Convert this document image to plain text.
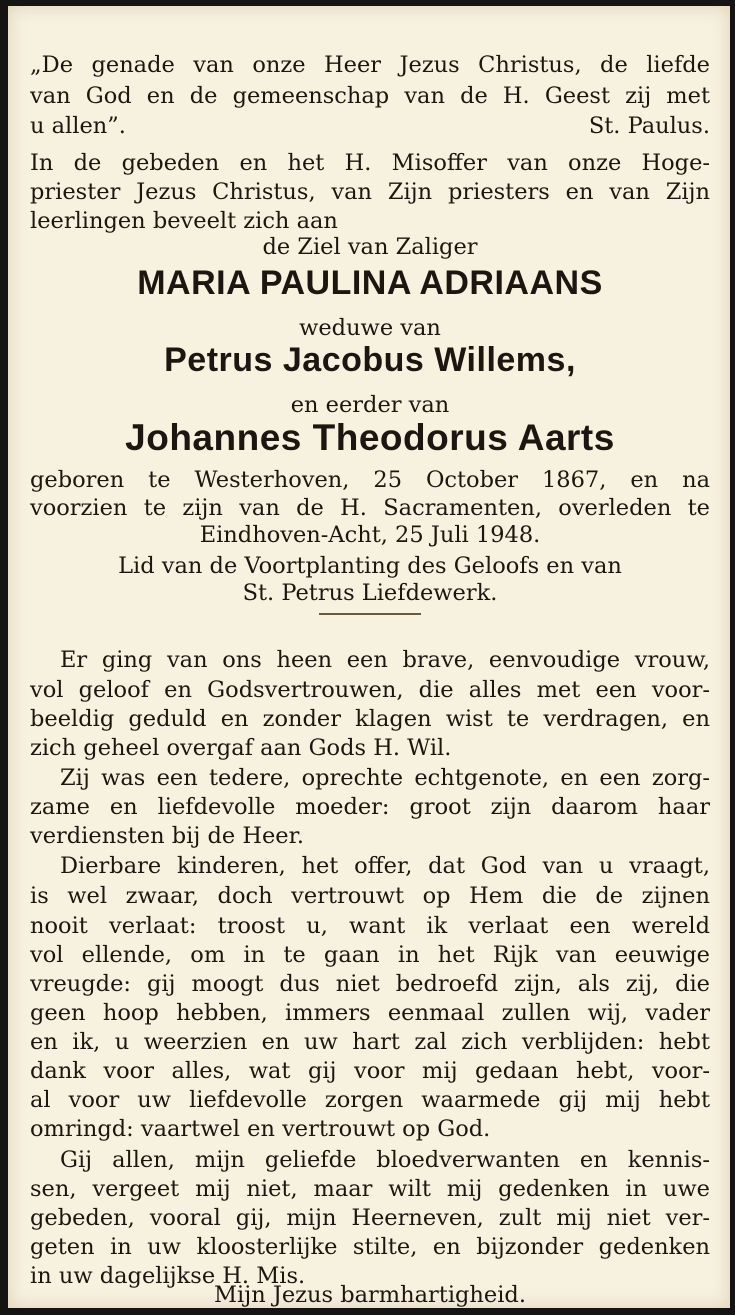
„De genade van onze Heer Jezus Christus, de liefde

van God en de gemeenschap van de H. Geest zij met

u allen”.	St. Paulus.

In de gebeden en het H. Misoffer van onze Hoge-

priester Jezus Christus, van Zijn priesters en van Zijn

leerlingen beveelt zich aan

de Ziel van Zaliger

MARIA PAULINA ADRIAANS

weduwe van

Petrus Jacobus Willems,

en eerder van

Johannes Theodorus Aarts

geboren te Westerhoven, 25 October 1867, en na

voorzien te zijn van de H. Sacramenten, overleden te

Eindhoven-Acht, 25 Juli 1948.

Lid van de Voortplanting des Geloofs en van

St. Petrus Liefdewerk.

Er ging van ons heen een brave, eenvoudige vrouw,

vol geloof en Godsvertrouwen, die alles met een voor-

beeldig geduld en zonder klagen wist te verdragen, en

zich geheel overgaf aan Gods H. Wil.

Zij was een tedere, oprechte echtgenote, en een zorg-

zame en liefdevolle moeder: groot zijn daarom haar

verdiensten bij de Heer.

Dierbare kinderen, het offer, dat God van u vraagt,

is wel zwaar, doch vertrouwt op Hem die de zijnen

nooit verlaat: troost u, want ik verlaat een wereld

vol ellende, om in te gaan in het Rijk van eeuwige

vreugde: gij moogt dus niet bedroefd zijn, als zij, die

geen hoop hebben, immers eenmaal zullen wij, vader

en ik, u weerzien en uw hart zal zich verblijden: hebt

dank voor alles, wat gij voor mij gedaan hebt, voor-

al voor uw liefdevolle zorgen waarmede gij mij hebt

omringd: vaartwel en vertrouwt op God.

Gij allen, mijn geliefde bloedverwanten en kennis-

sen, vergeet mij niet, maar wilt mij gedenken in uwe

gebeden, vooral gij, mijn Heerneven, zult mij niet ver-

geten in uw kloosterlijke stilte, en bijzonder gedenken

in uw dagelijkse H. Mis.

Mijn Jezus barmhartigheid.
